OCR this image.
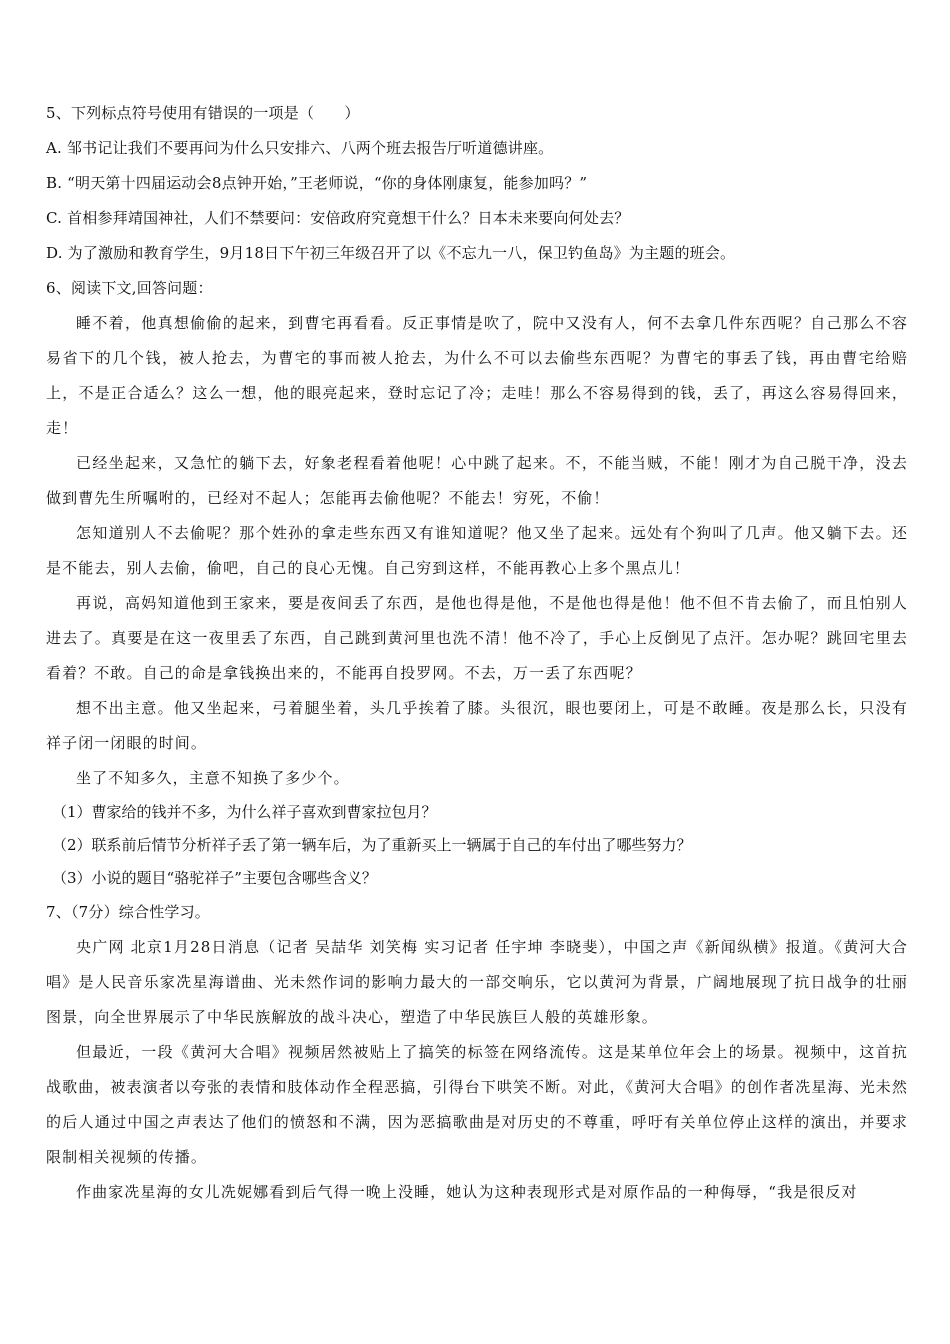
5、下列标点符号使用有错误的一项是（　　）
A. 邹书记让我们不要再问为什么只安排六、八两个班去报告厅听道德讲座。
B. “明天第十四届运动会8点钟开始，”王老师说，“你的身体刚康复，能参加吗？”
C. 首相参拜靖国神社，人们不禁要问：安倍政府究竟想干什么？日本未来要向何处去？
D. 为了激励和教育学生，9月18日下午初三年级召开了以《不忘九一八，保卫钓鱼岛》为主题的班会。
6、阅读下文,回答问题：

睡不着，他真想偷偷的起来，到曹宅再看看。反正事情是吹了，院中又没有人，何不去拿几件东西呢？自己那么不容易省下的几个钱，被人抢去，为曹宅的事而被人抢去，为什么不可以去偷些东西呢？为曹宅的事丢了钱，再由曹宅给赔上，不是正合适么？这么一想，他的眼亮起来，登时忘记了冷；走哇！那么不容易得到的钱，丢了，再这么容易得回来，走！

已经坐起来，又急忙的躺下去，好象老程看着他呢！心中跳了起来。不，不能当贼，不能！刚才为自己脱干净，没去做到曹先生所嘱咐的，已经对不起人；怎能再去偷他呢？不能去！穷死，不偷！

怎知道别人不去偷呢？那个姓孙的拿走些东西又有谁知道呢？他又坐了起来。远处有个狗叫了几声。他又躺下去。还是不能去，别人去偷，偷吧，自己的良心无愧。自己穷到这样，不能再教心上多个黑点儿！

再说，高妈知道他到王家来，要是夜间丢了东西，是他也得是他，不是他也得是他！他不但不肯去偷了，而且怕别人进去了。真要是在这一夜里丢了东西，自己跳到黄河里也洗不清！他不冷了，手心上反倒见了点汗。怎办呢？跳回宅里去看着？不敢。自己的命是拿钱换出来的，不能再自投罗网。不去，万一丢了东西呢？

想不出主意。他又坐起来，弓着腿坐着，头几乎挨着了膝。头很沉，眼也要闭上，可是不敢睡。夜是那么长，只没有祥子闭一闭眼的时间。

坐了不知多久，主意不知换了多少个。

（1）曹家给的钱并不多，为什么祥子喜欢到曹家拉包月？
（2）联系前后情节分析祥子丢了第一辆车后，为了重新买上一辆属于自己的车付出了哪些努力？
（3）小说的题目“骆驼祥子”主要包含哪些含义？
7、（7分）综合性学习。

央广网 北京1月28日消息（记者 吴喆华 刘笑梅 实习记者 任宇坤 李晓斐），中国之声《新闻纵横》报道。《黄河大合唱》是人民音乐家冼星海谱曲、光未然作词的影响力最大的一部交响乐，它以黄河为背景，广阔地展现了抗日战争的壮丽图景，向全世界展示了中华民族解放的战斗决心，塑造了中华民族巨人般的英雄形象。

但最近，一段《黄河大合唱》视频居然被贴上了搞笑的标签在网络流传。这是某单位年会上的场景。视频中，这首抗战歌曲，被表演者以夸张的表情和肢体动作全程恶搞，引得台下哄笑不断。对此，《黄河大合唱》的创作者冼星海、光未然的后人通过中国之声表达了他们的愤怒和不满，因为恶搞歌曲是对历史的不尊重，呼吁有关单位停止这样的演出，并要求限制相关视频的传播。

作曲家冼星海的女儿冼妮娜看到后气得一晚上没睡，她认为这种表现形式是对原作品的一种侮辱，“我是很反对
